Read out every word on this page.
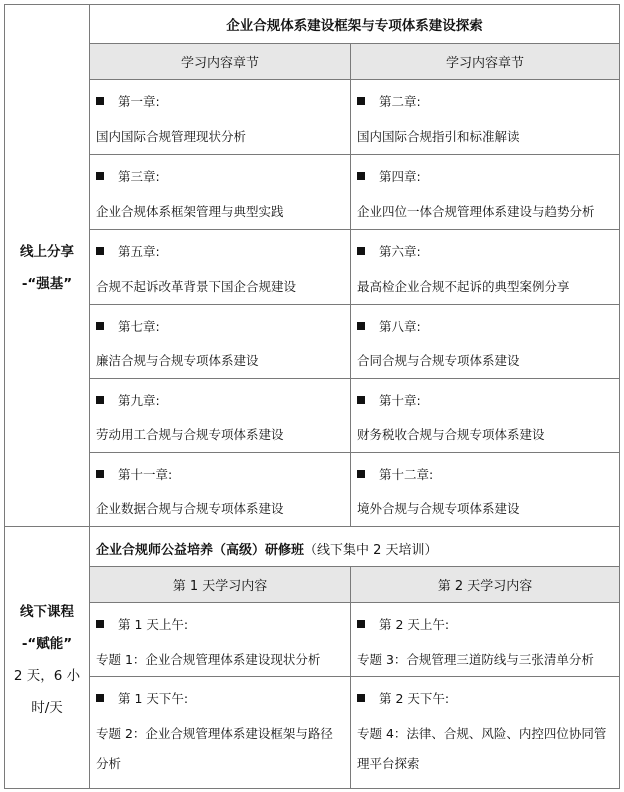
线上分享
-“强基”
企业合规体系建设框架与专项体系建设探索
学习内容章节	学习内容章节
第一章:
国内国际合规管理现状分析
第二章:
国内国际合规指引和标准解读
第三章:
企业合规体系框架管理与典型实践
第四章:
企业四位一体合规管理体系建设与趋势分析
第五章:
合规不起诉改革背景下国企合规建设
第六章:
最高检企业合规不起诉的典型案例分享
第七章:
廉洁合规与合规专项体系建设
第八章:
合同合规与合规专项体系建设
第九章:
劳动用工合规与合规专项体系建设
第十章:
财务税收合规与合规专项体系建设
第十一章:
企业数据合规与合规专项体系建设
第十二章:
境外合规与合规专项体系建设
线下课程
-“赋能”
2 天，6 小
时/天
企业合规师公益培养（高级）研修班（线下集中 2 天培训）
第 1 天学习内容	第 2 天学习内容
第 1 天上午:
专题 1：企业合规管理体系建设现状分析
第 2 天上午:
专题 3：合规管理三道防线与三张清单分析
第 1 天下午:
专题 2：企业合规管理体系建设框架与路径分析
第 2 天下午:
专题 4：法律、合规、风险、内控四位协同管理平台探索
